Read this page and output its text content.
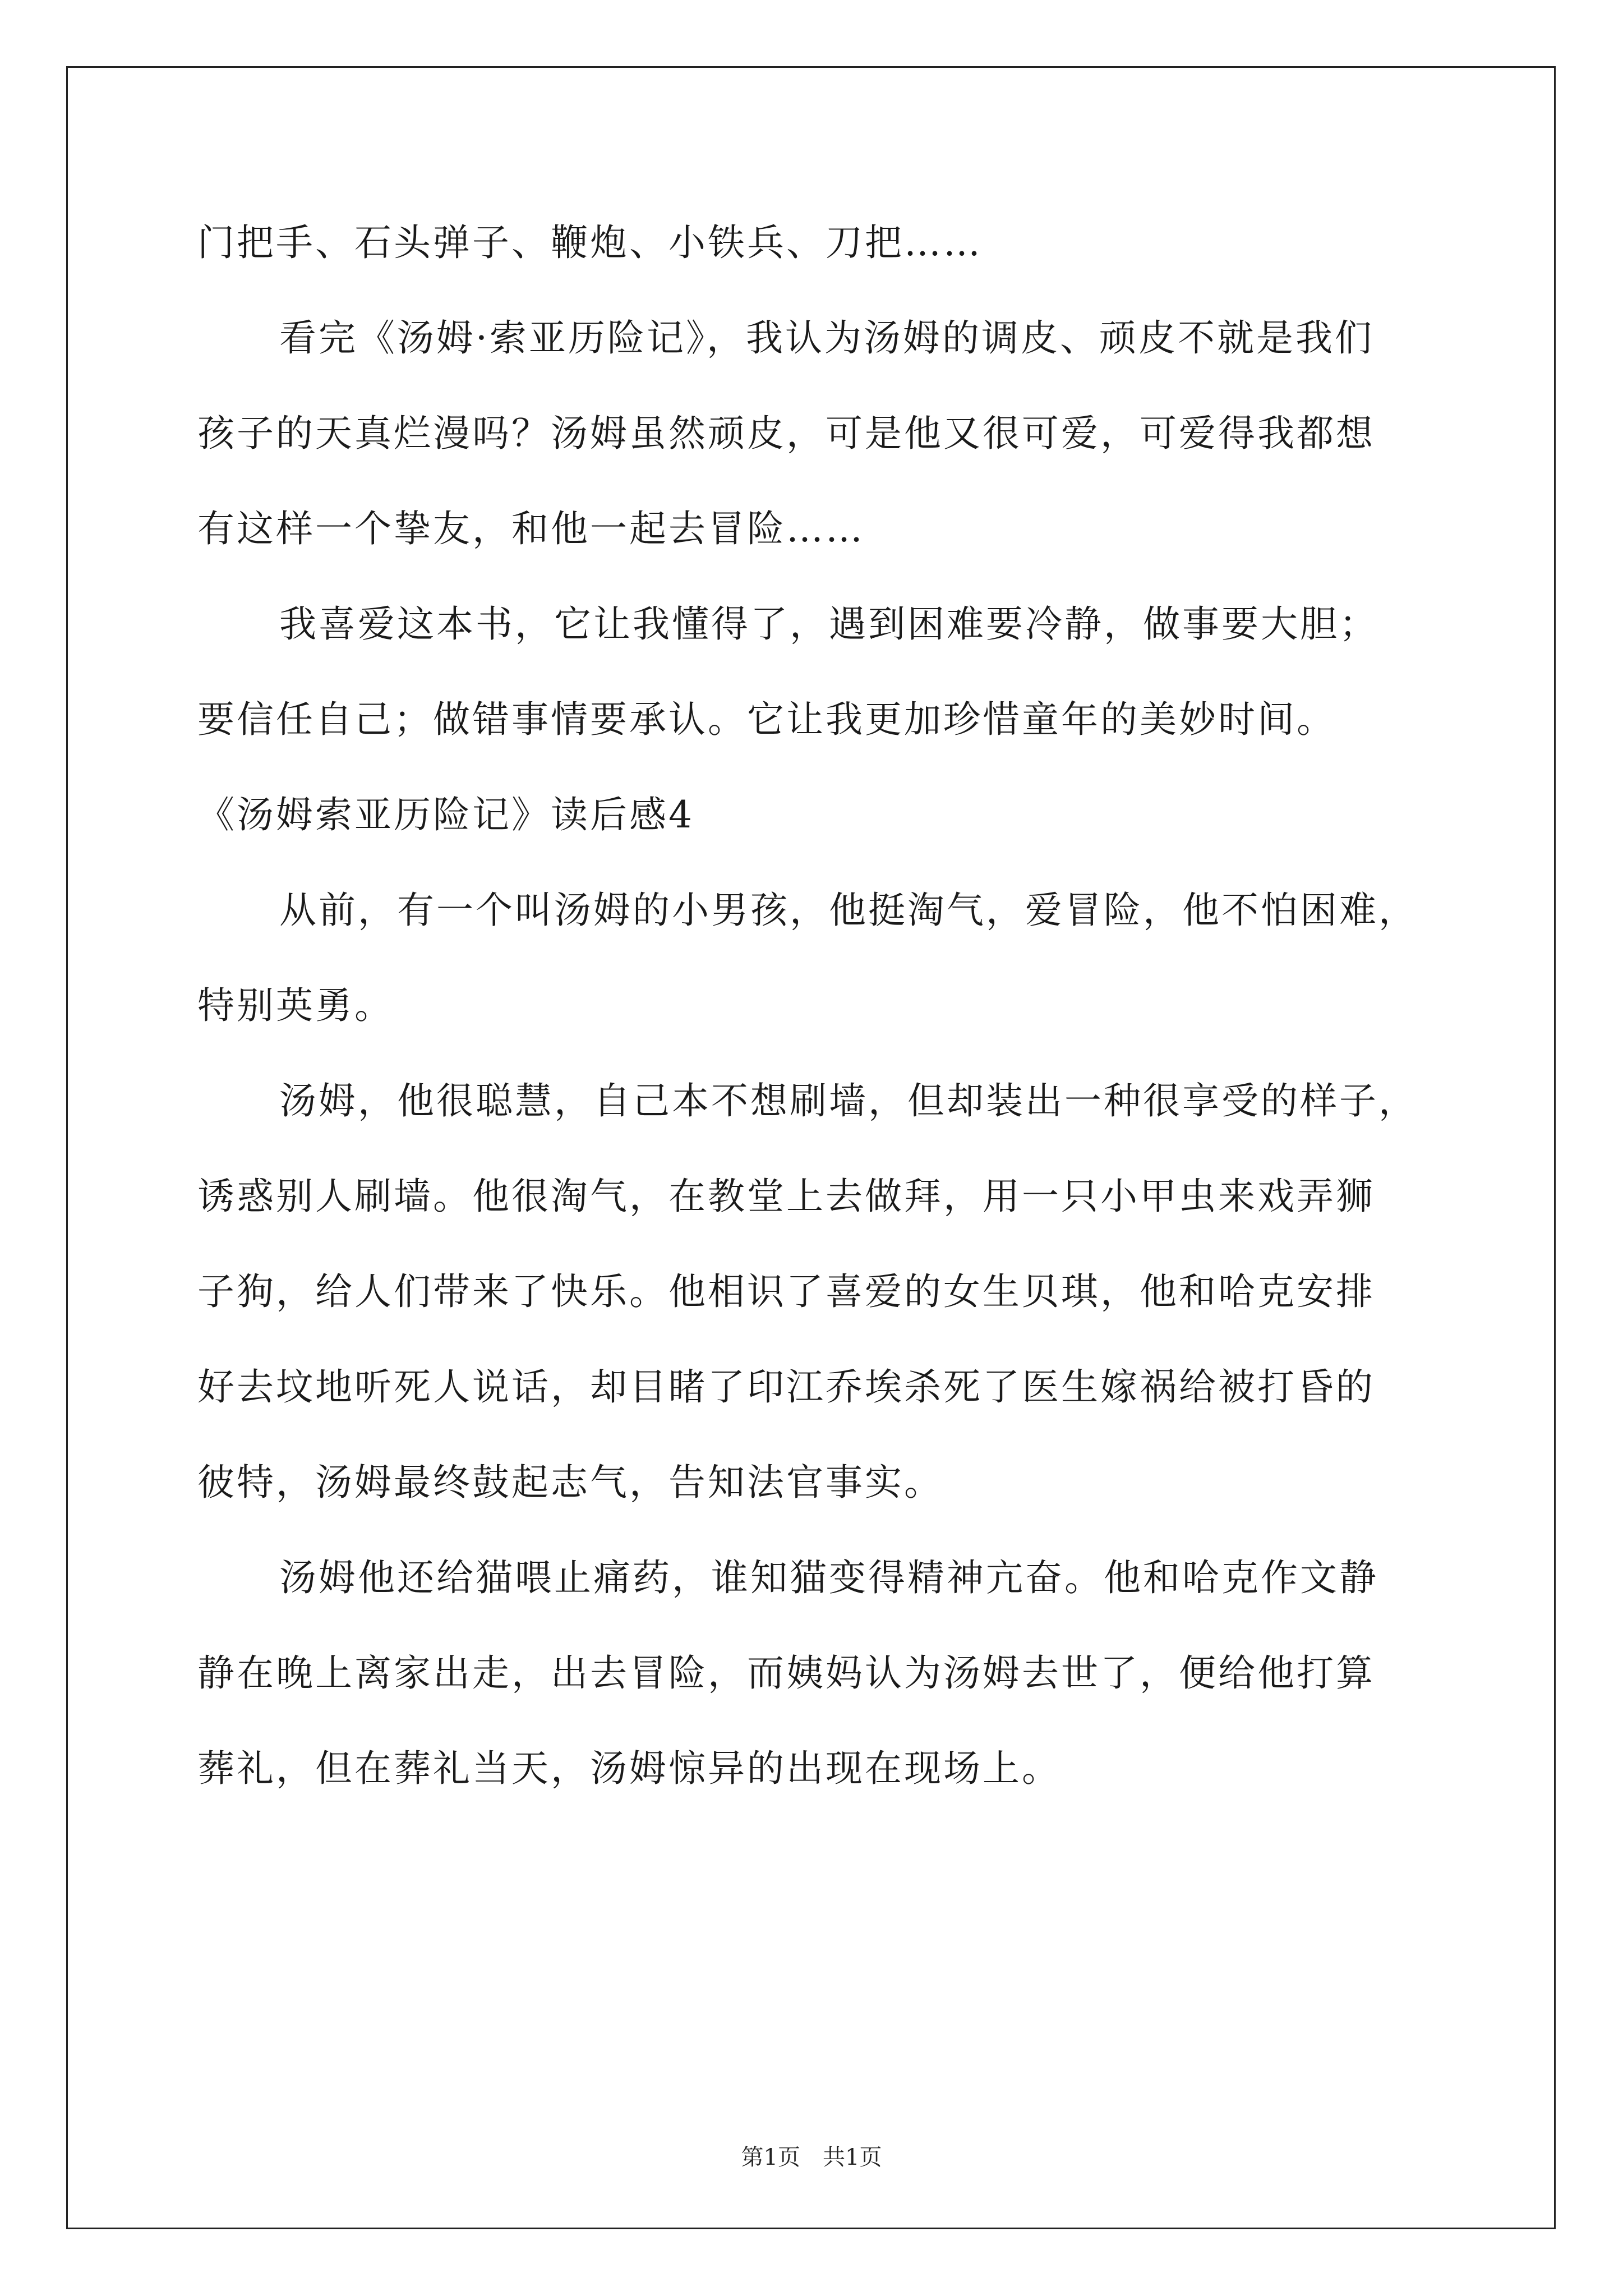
门把手、石头弹子、鞭炮、小铁兵、刀把……
看完《汤姆·索亚历险记》，我认为汤姆的调皮、顽皮不就是我们
孩子的天真烂漫吗？汤姆虽然顽皮，可是他又很可爱，可爱得我都想
有这样一个挚友，和他一起去冒险……
我喜爱这本书，它让我懂得了，遇到困难要冷静，做事要大胆；
要信任自己；做错事情要承认。它让我更加珍惜童年的美妙时间。
《汤姆索亚历险记》读后感4
从前，有一个叫汤姆的小男孩，他挺淘气，爱冒险，他不怕困难，
特别英勇。
汤姆，他很聪慧，自己本不想刷墙，但却装出一种很享受的样子，
诱惑别人刷墙。他很淘气，在教堂上去做拜，用一只小甲虫来戏弄狮
子狗，给人们带来了快乐。他相识了喜爱的女生贝琪，他和哈克安排
好去坟地听死人说话，却目睹了印江乔埃杀死了医生嫁祸给被打昏的
彼特，汤姆最终鼓起志气，告知法官事实。
汤姆他还给猫喂止痛药，谁知猫变得精神亢奋。他和哈克作文静
静在晚上离家出走，出去冒险，而姨妈认为汤姆去世了，便给他打算
葬礼，但在葬礼当天，汤姆惊异的出现在现场上。
第1页 共1页
